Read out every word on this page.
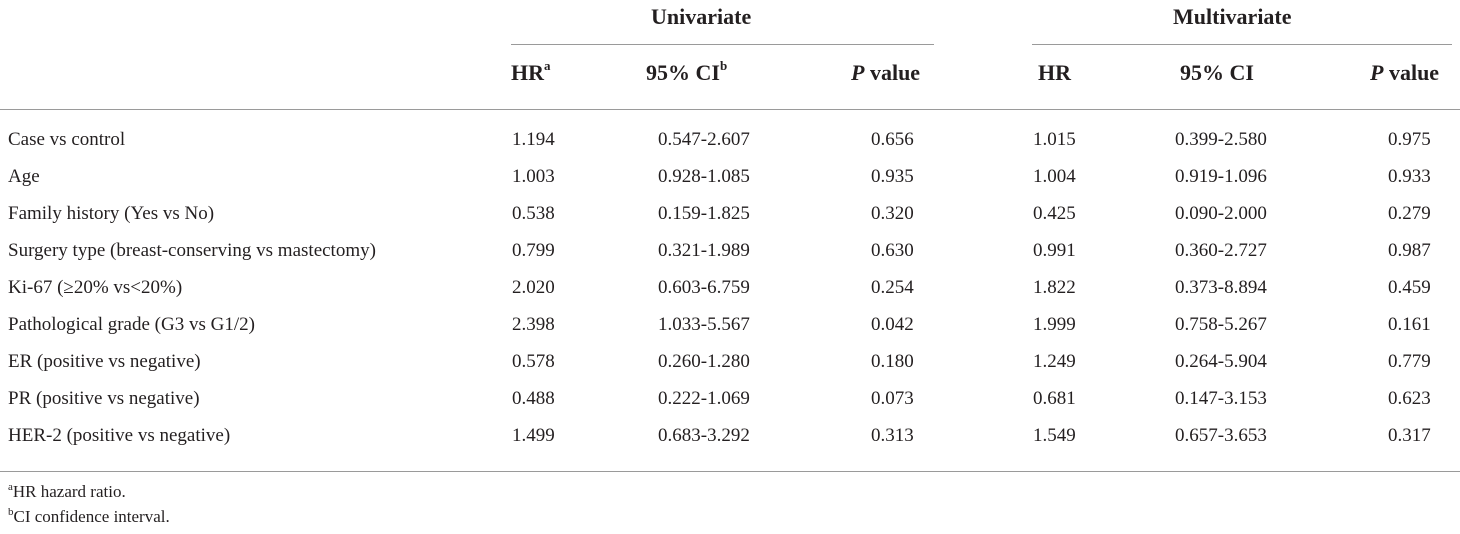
Univariate	Multivariate
$HR^a$	95% $CI^b$	P value	HR	95% CI	P value
Case vs control	1.194	0.547-2.607	0.656	1.015	0.399-2.580	0.975
Age	1.003	0.928-1.085	0.935	1.004	0.919-1.096	0.933
Family history (Yes vs No)	0.538	0.159-1.825	0.320	0.425	0.090-2.000	0.279
Surgery type (breast-conserving vs mastectomy)	0.799	0.321-1.989	0.630	0.991	0.360-2.727	0.987
Ki-67 (≥20% vs<20%)	2.020	0.603-6.759	0.254	1.822	0.373-8.894	0.459
Pathological grade (G3 vs G1/2)	2.398	1.033-5.567	0.042	1.999	0.758-5.267	0.161
ER (positive vs negative)	0.578	0.260-1.280	0.180	1.249	0.264-5.904	0.779
PR (positive vs negative)	0.488	0.222-1.069	0.073	0.681	0.147-3.153	0.623
HER-2 (positive vs negative)	1.499	0.683-3.292	0.313	1.549	0.657-3.653	0.317
$^a$HR hazard ratio.
$^b$CI confidence interval.
